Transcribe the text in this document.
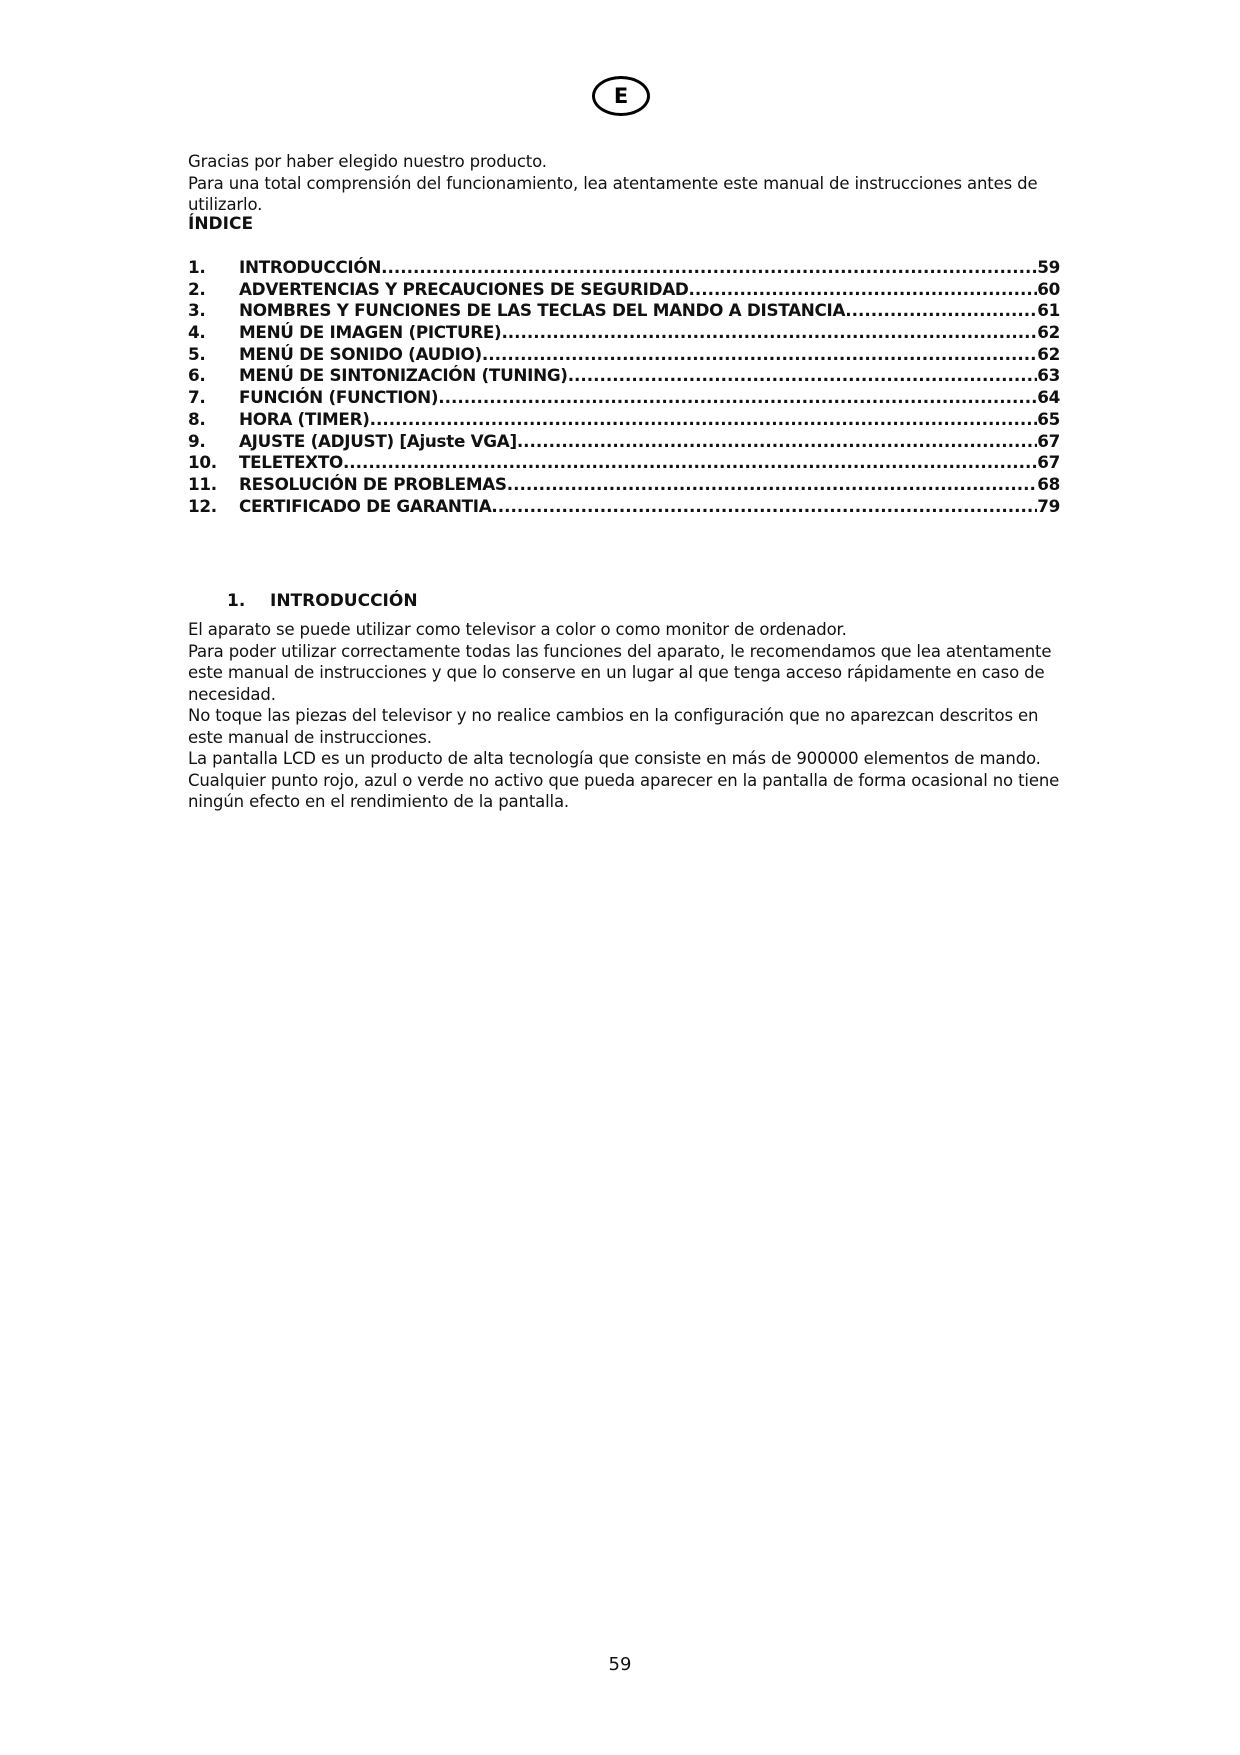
E

Gracias por haber elegido nuestro producto.

Para una total comprensión del funcionamiento, lea atentamente este manual de instrucciones antes de utilizarlo.

ÍNDICE
1.	INTRODUCCIÓN .....	59
2.	ADVERTENCIAS Y PRECAUCIONES DE SEGURIDAD .....	60
3.	NOMBRES Y FUNCIONES DE LAS TECLAS DEL MANDO A DISTANCIA .....	61
4.	MENÚ DE IMAGEN (PICTURE) .....	62
5.	MENÚ DE SONIDO (AUDIO) .....	62
6.	MENÚ DE SINTONIZACIÓN (TUNING) .....	63
7.	FUNCIÓN (FUNCTION) .....	64
8.	HORA (TIMER) .....	65
9.	AJUSTE (ADJUST) [Ajuste VGA] .....	67
10.	TELETEXTO .....	67
11.	RESOLUCIÓN DE PROBLEMAS .....	68
12.	CERTIFICADO DE GARANTIA .....	79
1.	INTRODUCCIÓN

El aparato se puede utilizar como televisor a color o como monitor de ordenador.

Para poder utilizar correctamente todas las funciones del aparato, le recomendamos que lea atentamente este manual de instrucciones y que lo conserve en un lugar al que tenga acceso rápidamente en caso de necesidad.

No toque las piezas del televisor y no realice cambios en la configuración que no aparezcan descritos en este manual de instrucciones.

La pantalla LCD es un producto de alta tecnología que consiste en más de 900000 elementos de mando.

Cualquier punto rojo, azul o verde no activo que pueda aparecer en la pantalla de forma ocasional no tiene ningún efecto en el rendimiento de la pantalla.

59
